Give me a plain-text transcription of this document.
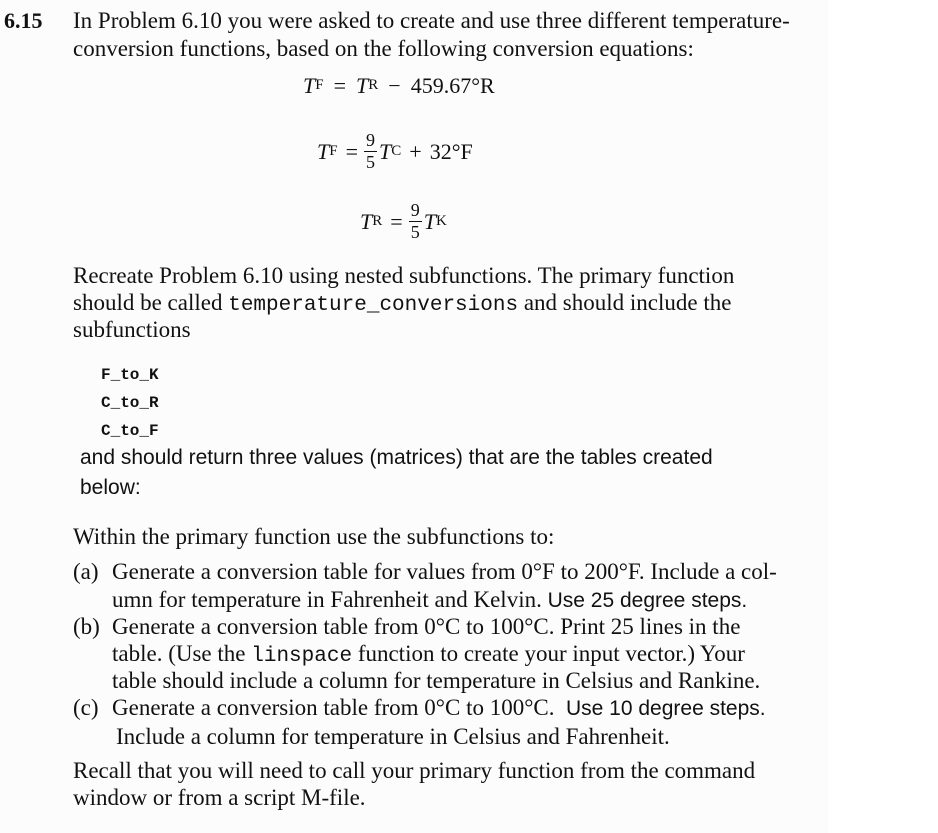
6.15 In Problem 6.10 you were asked to create and use three different temperature-
conversion functions, based on the following conversion equations:
T F = T R − 459.67°R
T $F = \frac{9}{5}$ T C + 32°F
T $R = \frac{9}{5}$ T K
Recreate Problem 6.10 using nested subfunctions. The primary function
should be called temperature_conversions and should include the
subfunctions
F_to_K
C_to_R
C_to_F
and should return three values (matrices) that are the tables created
below:
Within the primary function use the subfunctions to:
(a) Generate a conversion table for values from 0°F to 200°F. Include a col-
umn for temperature in Fahrenheit and Kelvin. Use 25 degree steps.
(b) Generate a conversion table from 0°C to 100°C. Print 25 lines in the
table. (Use the linspace function to create your input vector.) Your
table should include a column for temperature in Celsius and Rankine.
(c) Generate a conversion table from 0°C to 100°C. Use 10 degree steps.
Include a column for temperature in Celsius and Fahrenheit.
Recall that you will need to call your primary function from the command
window or from a script M-file.
